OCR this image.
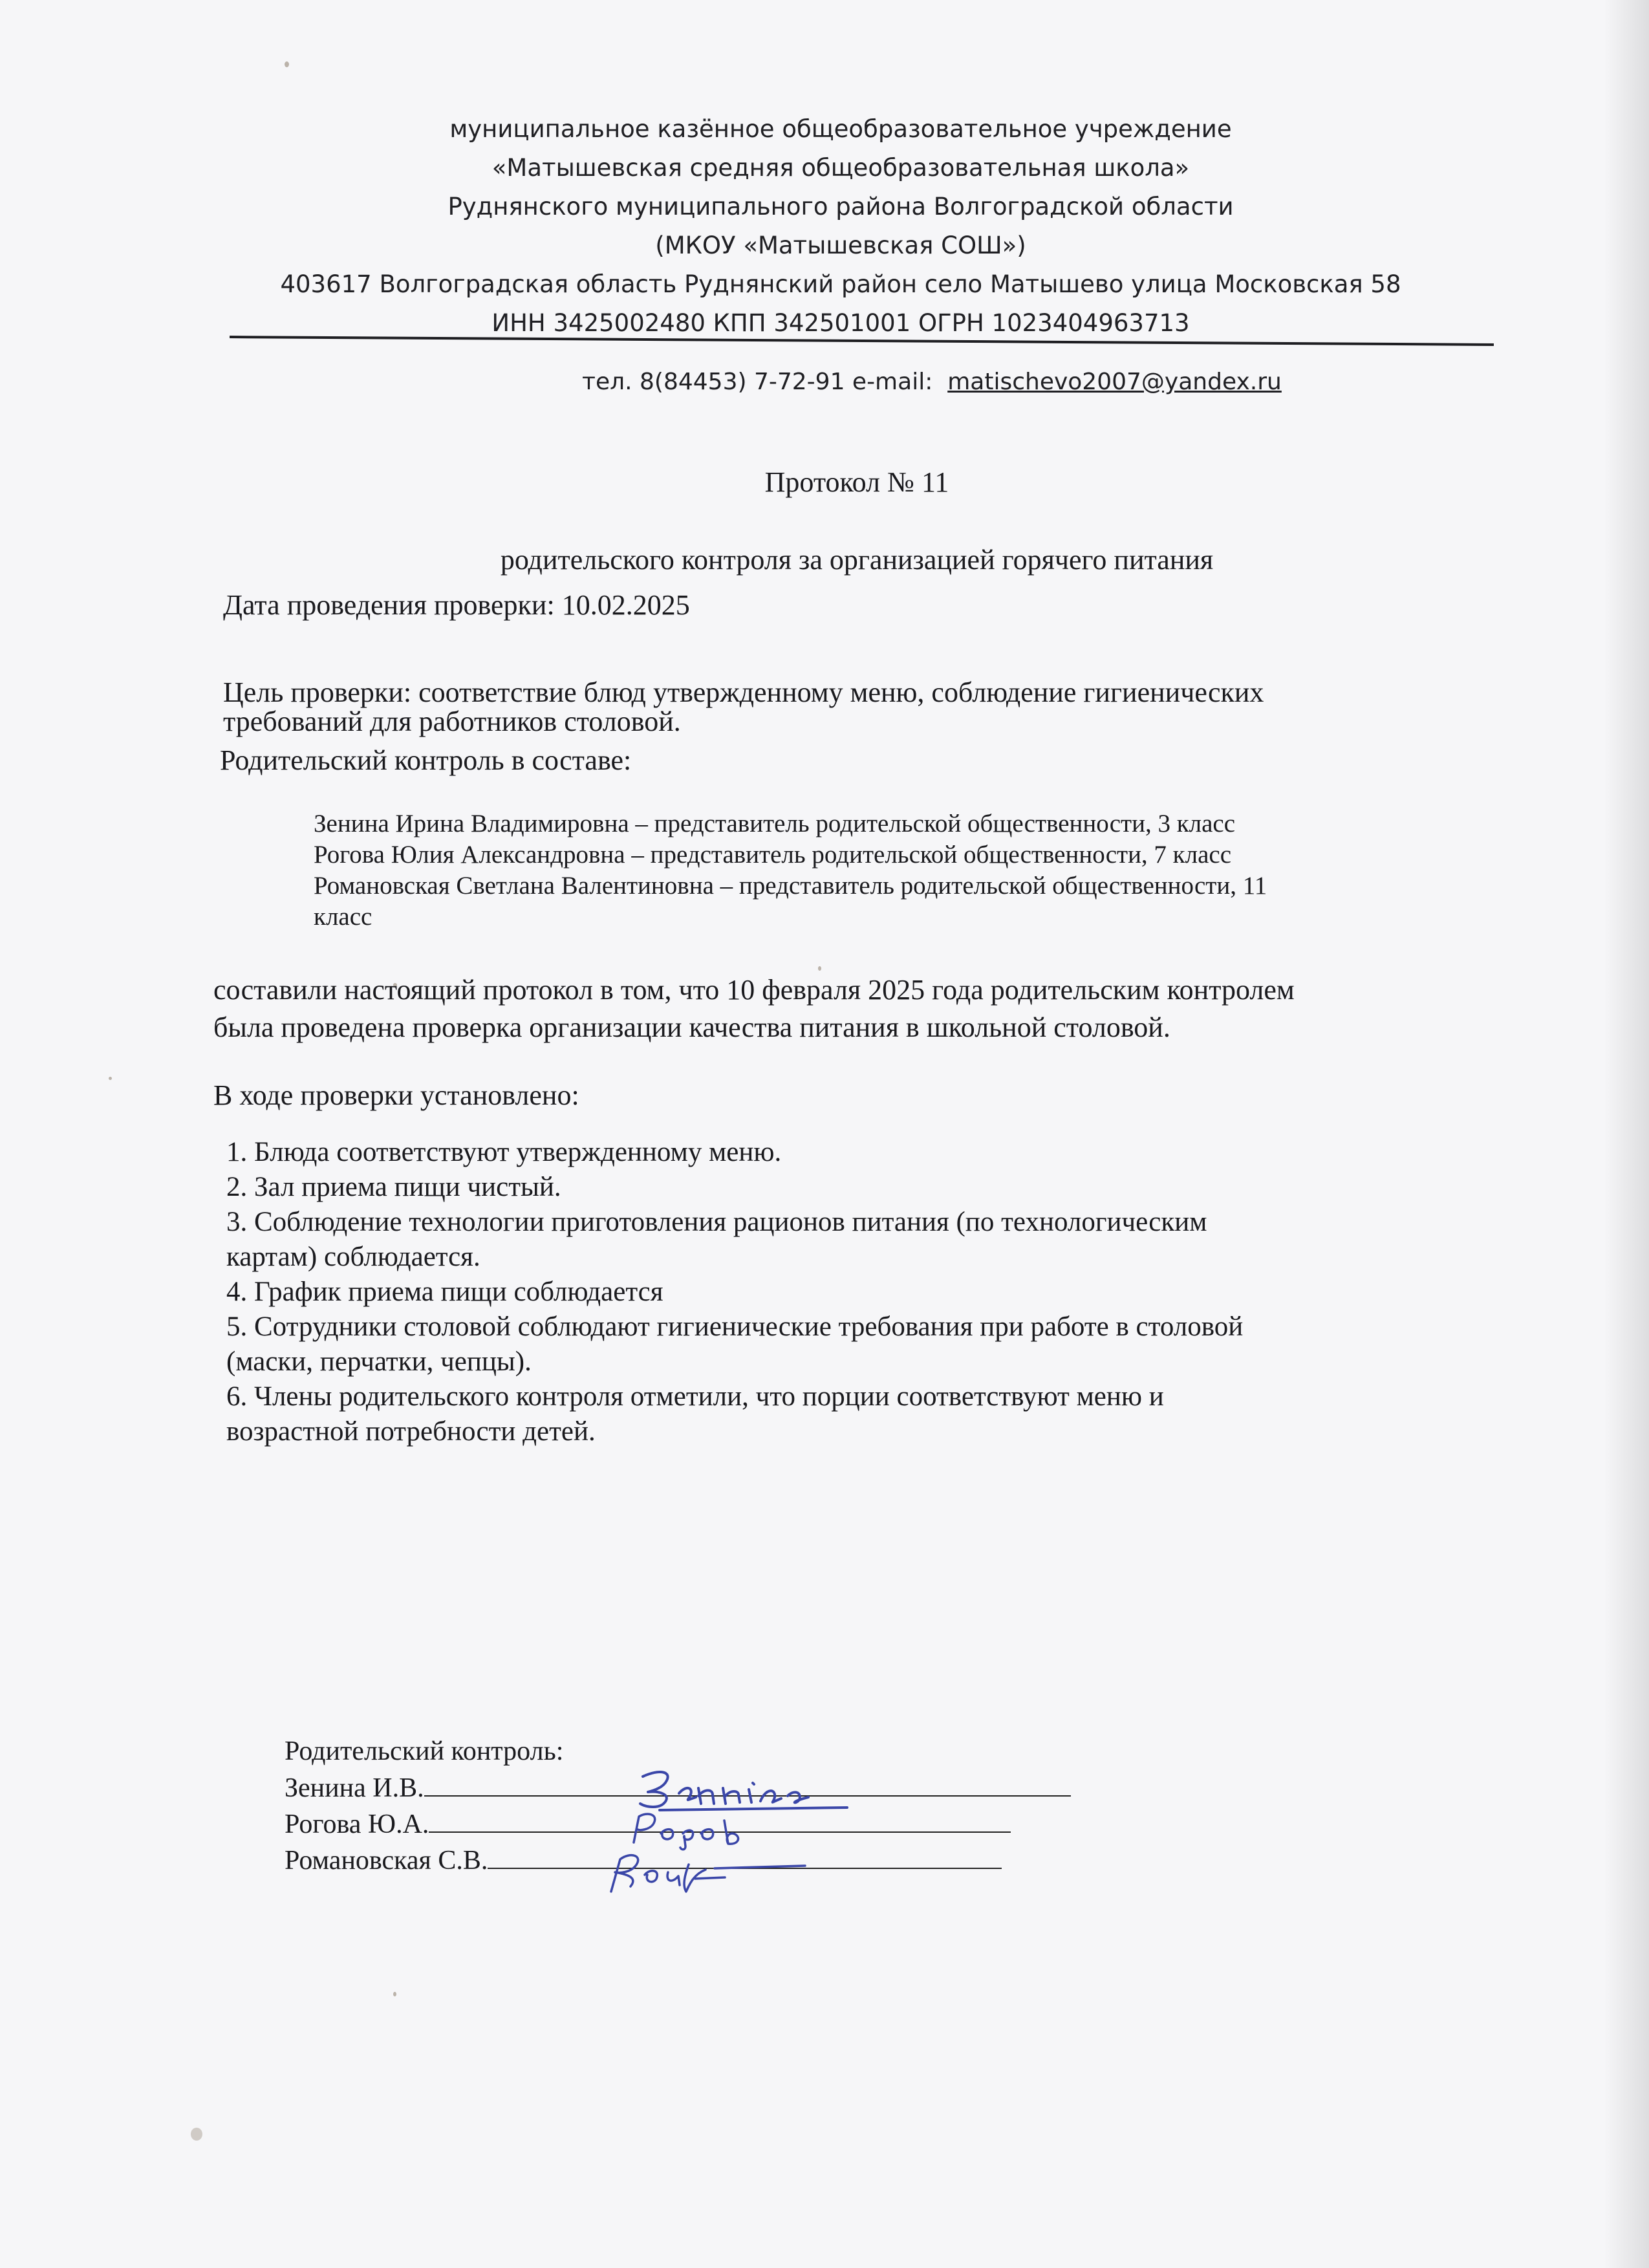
муниципальное казённое общеобразовательное учреждение
«Матышевская средняя общеобразовательная школа»
Руднянского муниципального района Волгоградской области
(МКОУ «Матышевская СОШ»)
403617 Волгоградская область Руднянский район село Матышево улица Московская 58
ИНН 3425002480 КПП 342501001 ОГРН 1023404963713
тел. 8(84453) 7-72-91 e-mail:  matischevo2007@yandex.ru
Протокол № 11
родительского контроля за организацией горячего питания
Дата проведения проверки: 10.02.2025
Цель проверки: соответствие блюд утвержденному меню, соблюдение гигиенических
требований для работников столовой.
Родительский контроль в составе:
Зенина Ирина Владимировна – представитель родительской общественности, 3 класс
Рогова Юлия Александровна – представитель родительской общественности, 7 класс
Романовская Светлана Валентиновна – представитель родительской общественности, 11
класс
составили настоящий протокол в том, что 10 февраля 2025 года родительским контролем
была проведена проверка организации качества питания в школьной столовой.
В ходе проверки установлено:
1. Блюда соответствуют утвержденному меню.
2. Зал приема пищи чистый.
3. Соблюдение технологии приготовления рационов питания (по технологическим
картам) соблюдается.
4. График приема пищи соблюдается
5. Сотрудники столовой соблюдают гигиенические требования при работе в столовой
(маски, перчатки, чепцы).
6. Члены родительского контроля отметили, что порции соответствуют меню и
возрастной потребности детей.
Родительский контроль:
Зенина И.В.
Рогова Ю.А.
Романовская С.В.
